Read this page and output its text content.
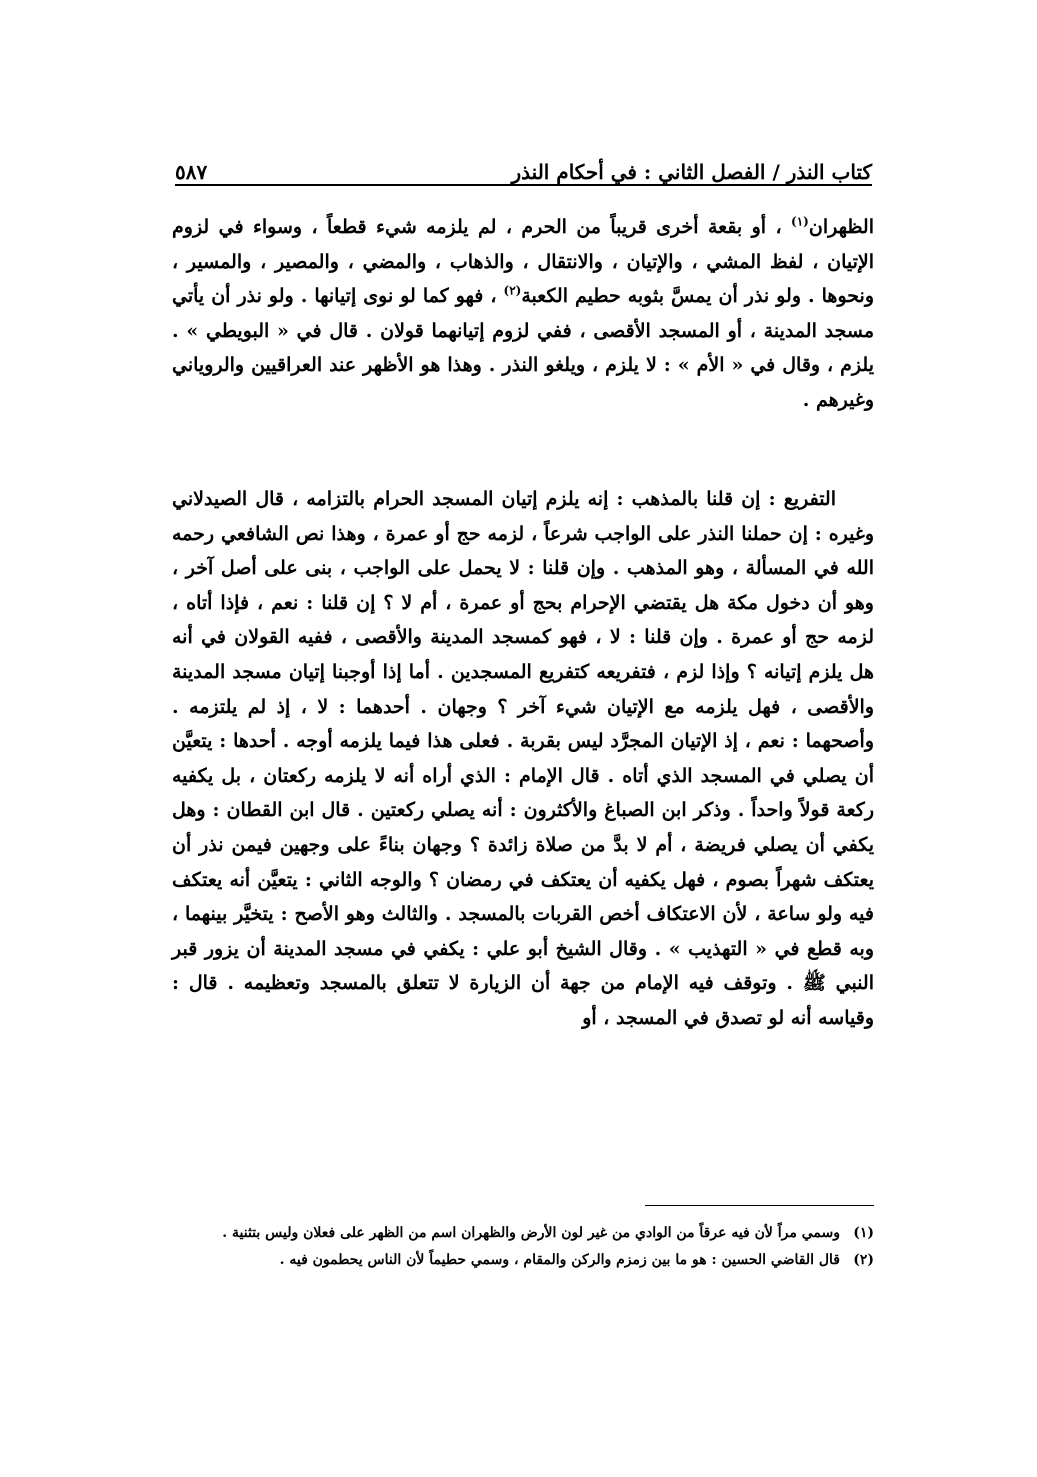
كتاب النذر / الفصل الثاني : في أحكام النذر
٥٨٧

الظهران$^{(١)}$ ، أو بقعة أخرى قريباً من الحرم ، لم يلزمه شيء قطعاً ، وسواء في لزوم الإتيان ، لفظ المشي ، والإتيان ، والانتقال ، والذهاب ، والمضي ، والمصير ، والمسير ، ونحوها . ولو نذر أن يمسَّ بثوبه حطيم الكعبة$^{(٢)}$ ، فهو كما لو نوى إتيانها . ولو نذر أن يأتي مسجد المدينة ، أو المسجد الأقصى ، ففي لزوم إتيانهما قولان . قال في « البويطي » . يلزم ، وقال في « الأم » : لا يلزم ، ويلغو النذر . وهذا هو الأظهر عند العراقيين والروياني وغيرهم .

التفريع : إن قلنا بالمذهب : إنه يلزم إتيان المسجد الحرام بالتزامه ، قال الصيدلاني وغيره : إن حملنا النذر على الواجب شرعاً ، لزمه حج أو عمرة ، وهذا نص الشافعي رحمه الله في المسألة ، وهو المذهب . وإن قلنا : لا يحمل على الواجب ، بنى على أصل آخر ، وهو أن دخول مكة هل يقتضي الإحرام بحج أو عمرة ، أم لا ؟ إن قلنا : نعم ، فإذا أتاه ، لزمه حج أو عمرة . وإن قلنا : لا ، فهو كمسجد المدينة والأقصى ، ففيه القولان في أنه هل يلزم إتيانه ؟ وإذا لزم ، فتفريعه كتفريع المسجدين . أما إذا أوجبنا إتيان مسجد المدينة والأقصى ، فهل يلزمه مع الإتيان شيء آخر ؟ وجهان . أحدهما : لا ، إذ لم يلتزمه . وأصحهما : نعم ، إذ الإتيان المجرَّد ليس بقربة . فعلى هذا فيما يلزمه أوجه . أحدها : يتعيَّن أن يصلي في المسجد الذي أتاه . قال الإمام : الذي أراه أنه لا يلزمه ركعتان ، بل يكفيه ركعة قولاً واحداً . وذكر ابن الصباغ والأكثرون : أنه يصلي ركعتين . قال ابن القطان : وهل يكفي أن يصلي فريضة ، أم لا بدَّ من صلاة زائدة ؟ وجهان بناءً على وجهين فيمن نذر أن يعتكف شهراً بصوم ، فهل يكفيه أن يعتكف في رمضان ؟ والوجه الثاني : يتعيَّن أنه يعتكف فيه ولو ساعة ، لأن الاعتكاف أخص القربات بالمسجد . والثالث وهو الأصح : يتخيَّر بينهما ، وبه قطع في « التهذيب » . وقال الشيخ أبو علي : يكفي في مسجد المدينة أن يزور قبر النبي ﷺ . وتوقف فيه الإمام من جهة أن الزيارة لا تتعلق بالمسجد وتعظيمه . قال : وقياسه أنه لو تصدق في المسجد ، أو

(١)
وسمي مراً لأن فيه عرقاً من الوادي من غير لون الأرض والظهران اسم من الظهر على فعلان وليس بتثنية .
(٢)
قال القاضي الحسين : هو ما بين زمزم والركن والمقام ، وسمي حطيماً لأن الناس يحطمون فيه .
